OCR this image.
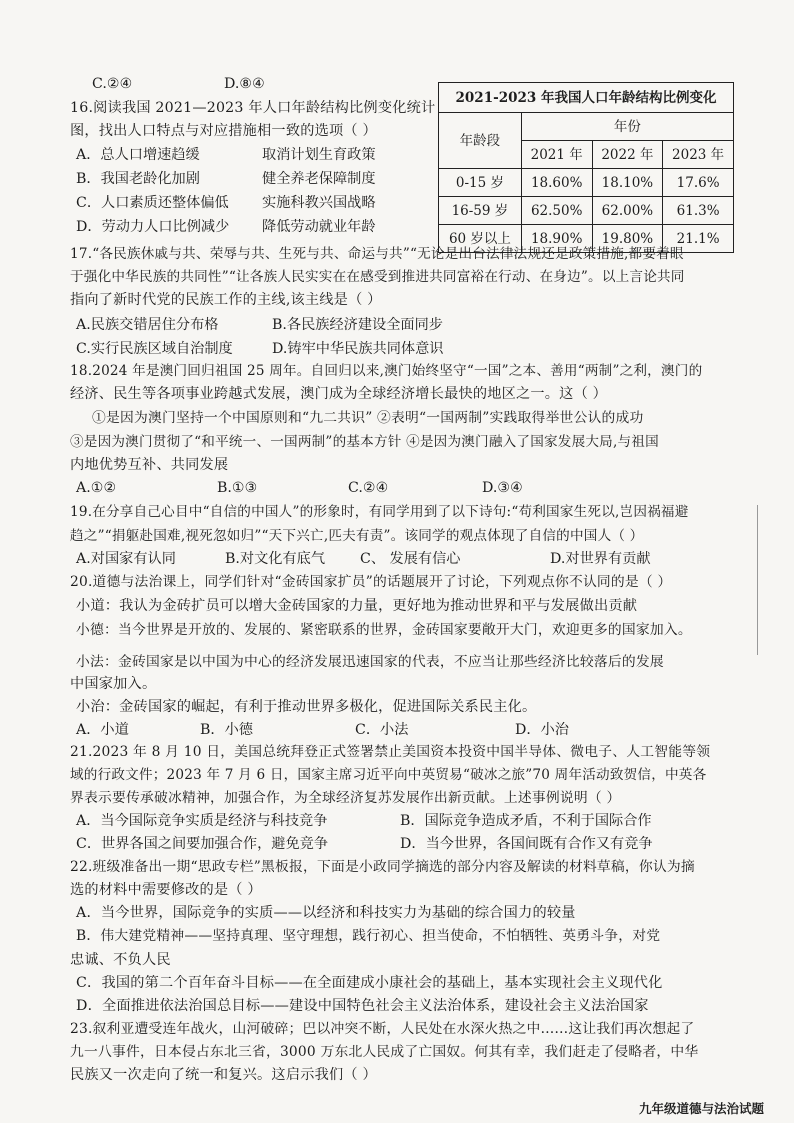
C.②④	D.⑧④
16.阅读我国 2021—2023 年人口年龄结构比例变化统计
图，找出人口特点与对应措施相一致的选项（ ）
A．总人口增速趋缓	取消计划生育政策
B．我国老龄化加剧	健全养老保障制度
C．人口素质还整体偏低 实施科教兴国战略
D．劳动力人口比例减少 降低劳动就业年龄
2021-2023 年我国人口年龄结构比例变化			
年龄段	年份		
	2021 年	2022 年	2023 年
0-15 岁	18.60%	18.10%	17.6%
16-59 岁	62.50%	62.00%	61.3%
60 岁以上	18.90%	19.80%	21.1%
17.“各民族休戚与共、荣辱与共、生死与共、命运与共”“无论是出台法律法规还是政策措施,都要着眼
于强化中华民族的共同性”“让各族人民实实在在感受到推进共同富裕在行动、在身边”。以上言论共同
指向了新时代党的民族工作的主线,该主线是（ ）
A.民族交错居住分布格	B.各民族经济建设全面同步
C.实行民族区域自治制度	D.铸牢中华民族共同体意识
18.2024 年是澳门回归祖国 25 周年。自回归以来,澳门始终坚守“一国”之本、善用“两制”之利，澳门的
经济、民生等各项事业跨越式发展，澳门成为全球经济增长最快的地区之一。这（ ）
①是因为澳门坚持一个中国原则和“九二共识” ②表明“一国两制”实践取得举世公认的成功
③是因为澳门贯彻了“和平统一、一国两制”的基本方针 ④是因为澳门融入了国家发展大局,与祖国
内地优势互补、共同发展
A.①②	B.①③	C.②④	D.③④
19.在分享自己心目中“自信的中国人”的形象时，有同学用到了以下诗句:“苟利国家生死以,岂因祸福避
趋之”“捐躯赴国难,视死忽如归”“天下兴亡,匹夫有责”。该同学的观点体现了自信的中国人（ ）
A.对国家有认同	B.对文化有底气 C、 发展有信心	D.对世界有贡献
20.道德与法治课上，同学们针对“金砖国家扩员”的话题展开了讨论，下列观点你不认同的是（ ）
小道：我认为金砖扩员可以增大金砖国家的力量，更好地为推动世界和平与发展做出贡献
小德：当今世界是开放的、发展的、紧密联系的世界，金砖国家要敞开大门，欢迎更多的国家加入。
小法：金砖国家是以中国为中心的经济发展迅速国家的代表，不应当让那些经济比较落后的发展
中国家加入。
小治：金砖国家的崛起，有利于推动世界多极化，促进国际关系民主化。
A．小道	B．小德	C．小法	D．小治
21.2023 年 8 月 10 日，美国总统拜登正式签署禁止美国资本投资中国半导体、微电子、人工智能等领
域的行政文件；2023 年 7 月 6 日，国家主席习近平向中英贸易“破冰之旅”70 周年活动致贺信，中英各
界表示要传承破冰精神，加强合作，为全球经济复苏发展作出新贡献。上述事例说明（ ）
A．当今国际竞争实质是经济与科技竞争	B．国际竞争造成矛盾，不利于国际合作
C．世界各国之间要加强合作，避免竞争	D．当今世界，各国间既有合作又有竞争
22.班级准备出一期“思政专栏”黑板报，下面是小政同学摘选的部分内容及解读的材料草稿，你认为摘
选的材料中需要修改的是（ ）
A．当今世界，国际竞争的实质——以经济和科技实力为基础的综合国力的较量
B．伟大建党精神——坚持真理、坚守理想，践行初心、担当使命，不怕牺牲、英勇斗争，对党
忠诚、不负人民
C．我国的第二个百年奋斗目标——在全面建成小康社会的基础上，基本实现社会主义现代化
D．全面推进依法治国总目标——建设中国特色社会主义法治体系，建设社会主义法治国家
23.叙利亚遭受连年战火，山河破碎；巴以冲突不断，人民处在水深火热之中……这让我们再次想起了
九一八事件，日本侵占东北三省，3000 万东北人民成了亡国奴。何其有幸，我们赶走了侵略者，中华
民族又一次走向了统一和复兴。这启示我们（ ）
九年级道德与法治试题
